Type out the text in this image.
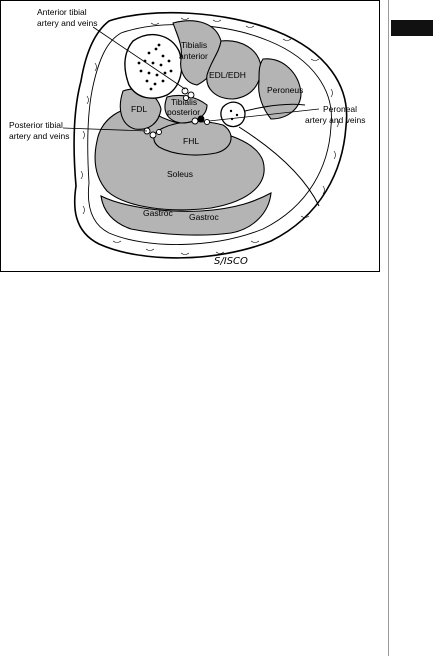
Anterior tibial
artery and veins
Posterior tibial
artery and veins
Peroneal
artery and veins
Tibialis
anterior
EDL/EDH
Tibialis
posterior
FDL
Peroneus
FHL
Soleus
Gastroc Gastroc
S/ISCO
